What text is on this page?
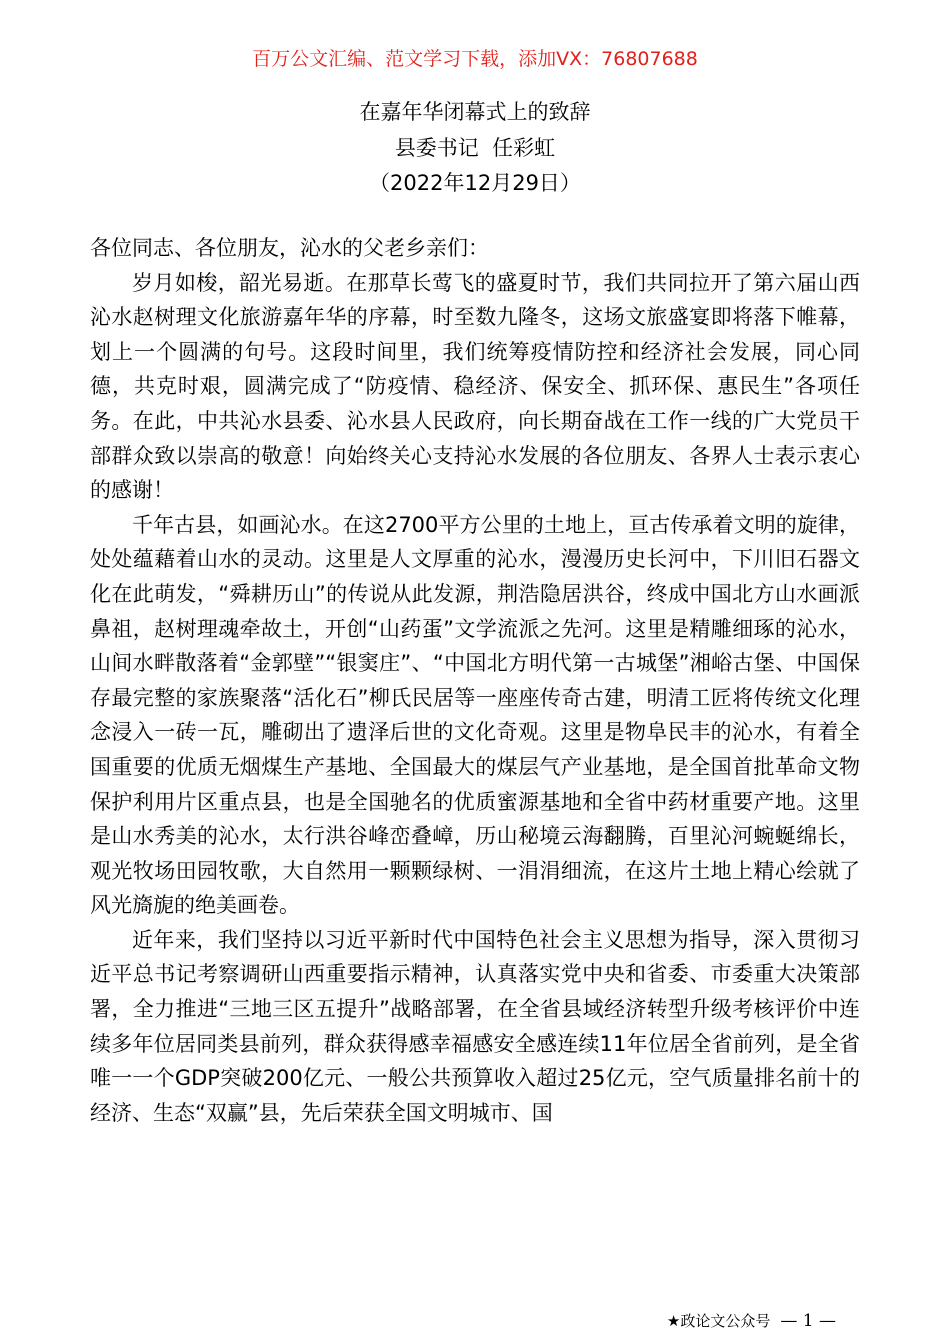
百万公文汇编、范文学习下载，添加VX：76807688
在嘉年华闭幕式上的致辞
县委书记  任彩虹
（2022年12月29日）

各位同志、各位朋友，沁水的父老乡亲们：

岁月如梭，韶光易逝。在那草长莺飞的盛夏时节，我们共同拉开了第六届山西沁水赵树理文化旅游嘉年华的序幕，时至数九隆冬，这场文旅盛宴即将落下帷幕，划上一个圆满的句号。这段时间里，我们统筹疫情防控和经济社会发展，同心同德，共克时艰，圆满完成了“防疫情、稳经济、保安全、抓环保、惠民生”各项任务。在此，中共沁水县委、沁水县人民政府，向长期奋战在工作一线的广大党员干部群众致以崇高的敬意！向始终关心支持沁水发展的各位朋友、各界人士表示衷心的感谢！

千年古县，如画沁水。在这2700平方公里的土地上，亘古传承着文明的旋律，处处蕴藉着山水的灵动。这里是人文厚重的沁水，漫漫历史长河中，下川旧石器文化在此萌发，“舜耕历山”的传说从此发源，荆浩隐居洪谷，终成中国北方山水画派鼻祖，赵树理魂牵故土，开创“山药蛋”文学流派之先河。这里是精雕细琢的沁水，山间水畔散落着“金郭壁”“银窦庄”、“中国北方明代第一古城堡”湘峪古堡、中国保存最完整的家族聚落“活化石”柳氏民居等一座座传奇古建，明清工匠将传统文化理念浸入一砖一瓦，雕砌出了遗泽后世的文化奇观。这里是物阜民丰的沁水，有着全国重要的优质无烟煤生产基地、全国最大的煤层气产业基地，是全国首批革命文物保护利用片区重点县，也是全国驰名的优质蜜源基地和全省中药材重要产地。这里是山水秀美的沁水，太行洪谷峰峦叠嶂，历山秘境云海翻腾，百里沁河蜿蜒绵长，观光牧场田园牧歌，大自然用一颗颗绿树、一涓涓细流，在这片土地上精心绘就了风光旖旎的绝美画卷。

近年来，我们坚持以习近平新时代中国特色社会主义思想为指导，深入贯彻习近平总书记考察调研山西重要指示精神，认真落实党中央和省委、市委重大决策部署，全力推进“三地三区五提升”战略部署，在全省县域经济转型升级考核评价中连续多年位居同类县前列，群众获得感幸福感安全感连续11年位居全省前列，是全省唯一一个GDP突破200亿元、一般公共预算收入超过25亿元，空气质量排名前十的经济、生态“双赢”县，先后荣获全国文明城市、国

★政论文公众号 — 1 —
